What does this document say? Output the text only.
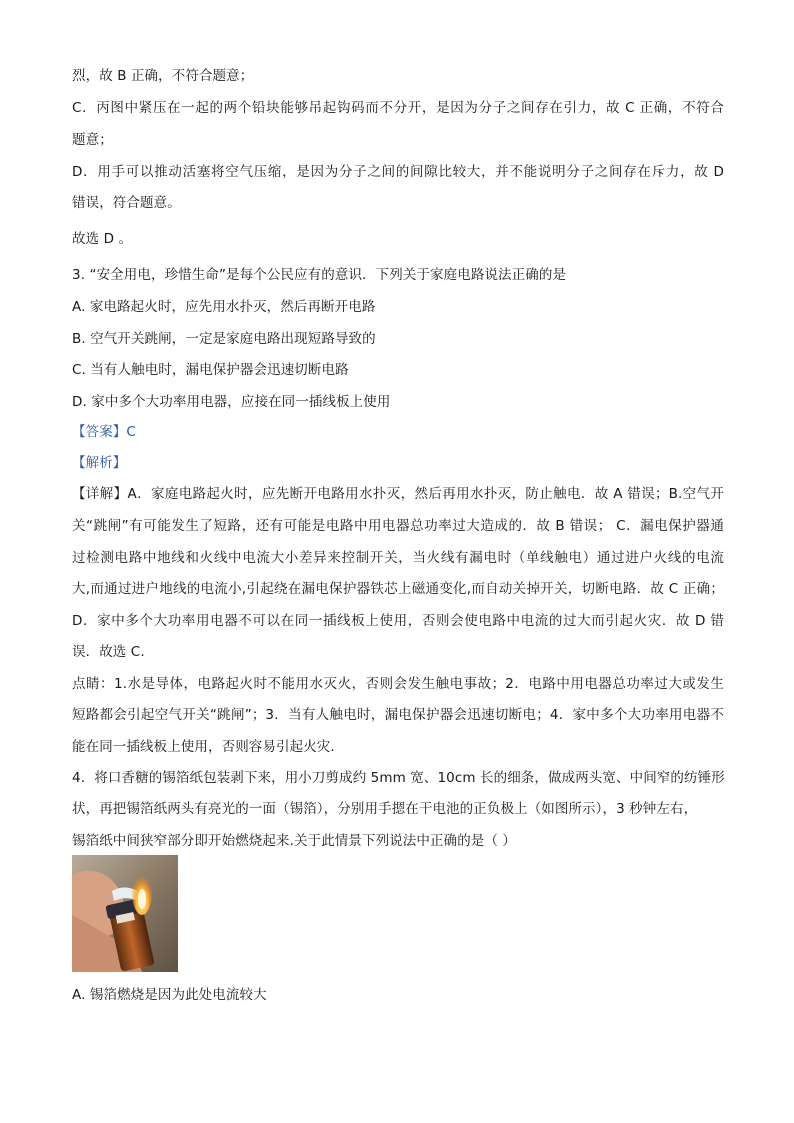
烈，故 B 正确，不符合题意；
C．丙图中紧压在一起的两个铅块能够吊起钩码而不分开，是因为分子之间存在引力，故 C 正确，不符合
题意；
D．用手可以推动活塞将空气压缩，是因为分子之间的间隙比较大，并不能说明分子之间存在斥力，故 D
错误，符合题意。
故选 D 。
3. “安全用电，珍惜生命”是每个公民应有的意识．下列关于家庭电路说法正确的是
A. 家电路起火时，应先用水扑灭，然后再断开电路
B. 空气开关跳闸，一定是家庭电路出现短路导致的
C. 当有人触电时，漏电保护器会迅速切断电路
D. 家中多个大功率用电器，应接在同一插线板上使用
【答案】C
【解析】
【详解】A．家庭电路起火时，应先断开电路用水扑灭，然后再用水扑灭，防止触电．故 A 错误；B.空气开
关“跳闸”有可能发生了短路，还有可能是电路中用电器总功率过大造成的．故 B 错误； C．漏电保护器通
过检测电路中地线和火线中电流大小差异来控制开关，当火线有漏电时（单线触电）通过进户火线的电流
大,而通过进户地线的电流小,引起绕在漏电保护器铁芯上磁通变化,而自动关掉开关，切断电路．故 C 正确；
D．家中多个大功率用电器不可以在同一插线板上使用，否则会使电路中电流的过大而引起火灾．故 D 错
误．故选 C.
点睛：1.水是导体，电路起火时不能用水灭火，否则会发生触电事故；2．电路中用电器总功率过大或发生
短路都会引起空气开关“跳闸”；3．当有人触电时，漏电保护器会迅速切断电；4．家中多个大功率用电器不
能在同一插线板上使用，否则容易引起火灾．
4．将口香糖的锡箔纸包装剥下来，用小刀剪成约 5mm 宽、10cm 长的细条，做成两头宽、中间窄的纺锤形
状，再把锡箔纸两头有亮光的一面（锡箔），分别用手摁在干电池的正负极上（如图所示），3 秒钟左右，
锡箔纸中间狭窄部分即开始燃烧起来.关于此情景下列说法中正确的是（ ）
A. 锡箔燃烧是因为此处电流较大
